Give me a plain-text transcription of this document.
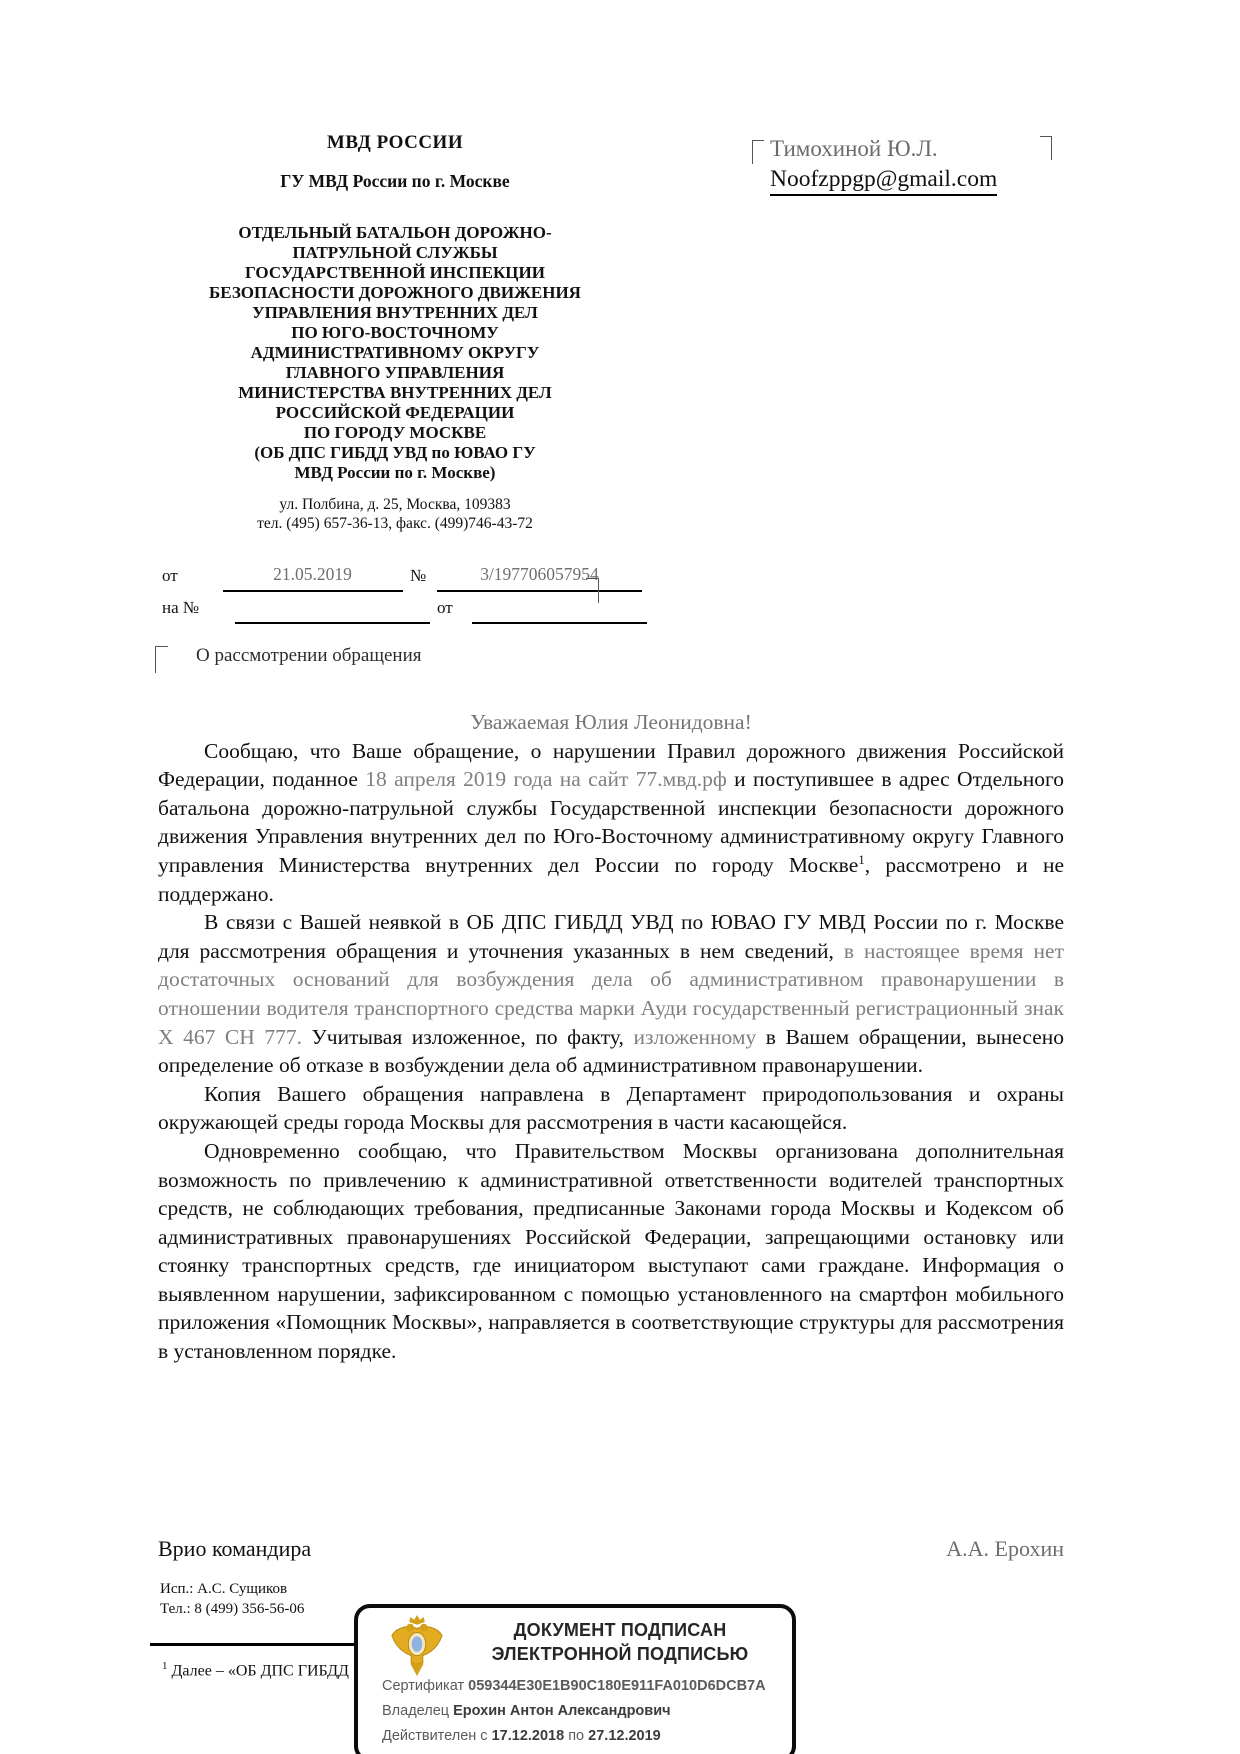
МВД РОССИИ
ГУ МВД России по г. Москве
ОТДЕЛЬНЫЙ БАТАЛЬОН ДОРОЖНО-
ПАТРУЛЬНОЙ СЛУЖБЫ
ГОСУДАРСТВЕННОЙ ИНСПЕКЦИИ
БЕЗОПАСНОСТИ ДОРОЖНОГО ДВИЖЕНИЯ
УПРАВЛЕНИЯ ВНУТРЕННИХ ДЕЛ
ПО ЮГО-ВОСТОЧНОМУ
АДМИНИСТРАТИВНОМУ ОКРУГУ
ГЛАВНОГО УПРАВЛЕНИЯ
МИНИСТЕРСТВА ВНУТРЕННИХ ДЕЛ
РОССИЙСКОЙ ФЕДЕРАЦИИ
ПО ГОРОДУ МОСКВЕ
(ОБ ДПС ГИБДД УВД по ЮВАО ГУ
МВД России по г. Москве)
ул. Полбина, д. 25, Москва, 109383
тел. (495) 657-36-13, факс. (499)746-43-72
Тимохиной Ю.Л.
Noofzppgp@gmail.com
от	21.05.2019	№	3/197706057954
на №	от
О рассмотрении обращения
Уважаемая Юлия Леонидовна!

Сообщаю, что Ваше обращение, о нарушении Правил дорожного движения Российской Федерации, поданное 18 апреля 2019 года на сайт 77.мвд.рф и поступившее в адрес Отдельного батальона дорожно-патрульной службы Государственной инспекции безопасности дорожного движения Управления внутренних дел по Юго-Восточному административному округу Главного управления Министерства внутренних дел России по городу Москве$^1$, рассмотрено и не поддержано.

В связи с Вашей неявкой в ОБ ДПС ГИБДД УВД по ЮВАО ГУ МВД России по г. Москве для рассмотрения обращения и уточнения указанных в нем сведений, в настоящее время нет достаточных оснований для возбуждения дела об административном правонарушении в отношении водителя транспортного средства марки Ауди государственный регистрационный знак Х 467 СН 777. Учитывая изложенное, по факту, изложенному в Вашем обращении, вынесено определение об отказе в возбуждении дела об административном правонарушении.

Копия Вашего обращения направлена в Департамент природопользования и охраны окружающей среды города Москвы для рассмотрения в части касающейся.

Одновременно сообщаю, что Правительством Москвы организована дополнительная возможность по привлечению к административной ответственности водителей транспортных средств, не соблюдающих требования, предписанные Законами города Москвы и Кодексом об административных правонарушениях Российской Федерации, запрещающими остановку или стоянку транспортных средств, где инициатором выступают сами граждане. Информация о выявленном нарушении, зафиксированном с помощью установленного на смартфон мобильного приложения «Помощник Москвы», направляется в соответствующие структуры для рассмотрения в установленном порядке.

Врио командира	А.А. Ерохин
Исп.: А.С. Сущиков
Тел.: 8 (499) 356-56-06
$^1$ Далее – «ОБ ДПС ГИБДД
ДОКУМЕНТ ПОДПИСАН
ЭЛЕКТРОННОЙ ПОДПИСЬЮ
Сертификат 059344E30E1B90C180E911FA010D6DCB7A
Владелец Ерохин Антон Александрович
Действителен с 17.12.2018 по 27.12.2019
